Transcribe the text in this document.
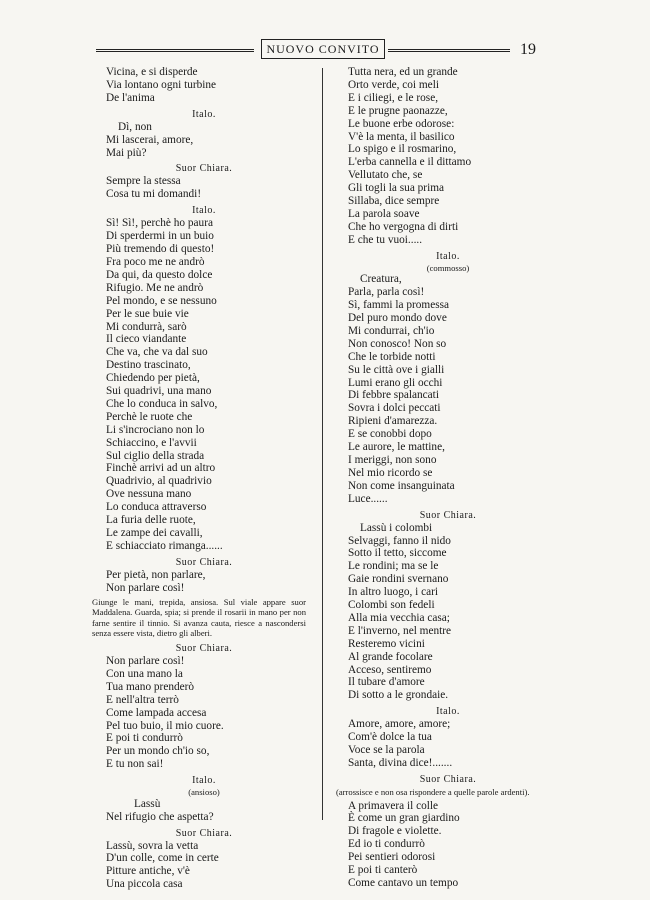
NUOVO CONVITO	19
Vicina, e si disperde
Via lontano ogni turbine
De l'anima
Italo.
Dì, non
Mi lascerai, amore,
Mai più?
Suor Chiara.
Sempre la stessa
Cosa tu mi domandi!
Italo.
Sì! Sì!, perchè ho paura
Di sperdermi in un buio
Più tremendo di questo!
Fra poco me ne andrò
Da qui, da questo dolce
Rifugio. Me ne andrò
Pel mondo, e se nessuno
Per le sue buie vie
Mi condurrà, sarò
Il cieco viandante
Che va, che va dal suo
Destino trascinato,
Chiedendo per pietà,
Sui quadrivi, una mano
Che lo conduca in salvo,
Perchè le ruote che
Li s'incrociano non lo
Schiaccino, e l'avvii
Sul ciglio della strada
Finchè arrivi ad un altro
Quadrivio, al quadrivio
Ove nessuna mano
Lo conduca attraverso
La furia delle ruote,
Le zampe dei cavalli,
E schiacciato rimanga......
Suor Chiara.
Per pietà, non parlare,
Non parlare così!
Giunge le mani, trepida, ansiosa. Sul viale appare suor Maddalena. Guarda, spia; si prende il rosarii in mano per non farne sentire il tinnio. Si avanza cauta, riesce a nascondersi senza essere vista, dietro gli alberi.
Suor Chiara.
Non parlare così!
Con una mano la
Tua mano prenderò
E nell'altra terrò
Come lampada accesa
Pel tuo buio, il mio cuore.
E poi ti condurrò
Per un mondo ch'io so,
E tu non sai!
Italo.
(ansioso)
Lassù
Nel rifugio che aspetta?
Suor Chiara.
Lassù, sovra la vetta
D'un colle, come in certe
Pitture antiche, v'è
Una piccola casa
Tutta nera, ed un grande
Orto verde, coi meli
E i ciliegi, e le rose,
E le prugne paonazze,
Le buone erbe odorose:
V'è la menta, il basilico
Lo spigo e il rosmarino,
L'erba cannella e il dittamo
Vellutato che, se
Gli togli la sua prima
Sillaba, dice sempre
La parola soave
Che ho vergogna di dirti
E che tu vuoi.....
Italo.
(commosso)
Creatura,
Parla, parla così!
Sì, fammi la promessa
Del puro mondo dove
Mi condurrai, ch'io
Non conosco! Non so
Che le torbide notti
Su le città ove i gialli
Lumi erano gli occhi
Di febbre spalancati
Sovra i dolci peccati
Ripieni d'amarezza.
E se conobbi dopo
Le aurore, le mattine,
I meriggi, non sono
Nel mio ricordo se
Non come insanguinata
Luce......
Suor Chiara.
Lassù i colombi
Selvaggi, fanno il nido
Sotto il tetto, siccome
Le rondini; ma se le
Gaie rondini svernano
In altro luogo, i cari
Colombi son fedeli
Alla mia vecchia casa;
E l'inverno, nel mentre
Resteremo vicini
Al grande focolare
Acceso, sentiremo
Il tubare d'amore
Di sotto a le grondaie.
Italo.
Amore, amore, amore;
Com'è dolce la tua
Voce se la parola
Santa, divina dice!.......
Suor Chiara.
(arrossisce e non osa rispondere a quelle parole ardenti).
A primavera il colle
È come un gran giardino
Di fragole e violette.
Ed io ti condurrò
Pei sentieri odorosi
E poi ti canterò
Come cantavo un tempo
